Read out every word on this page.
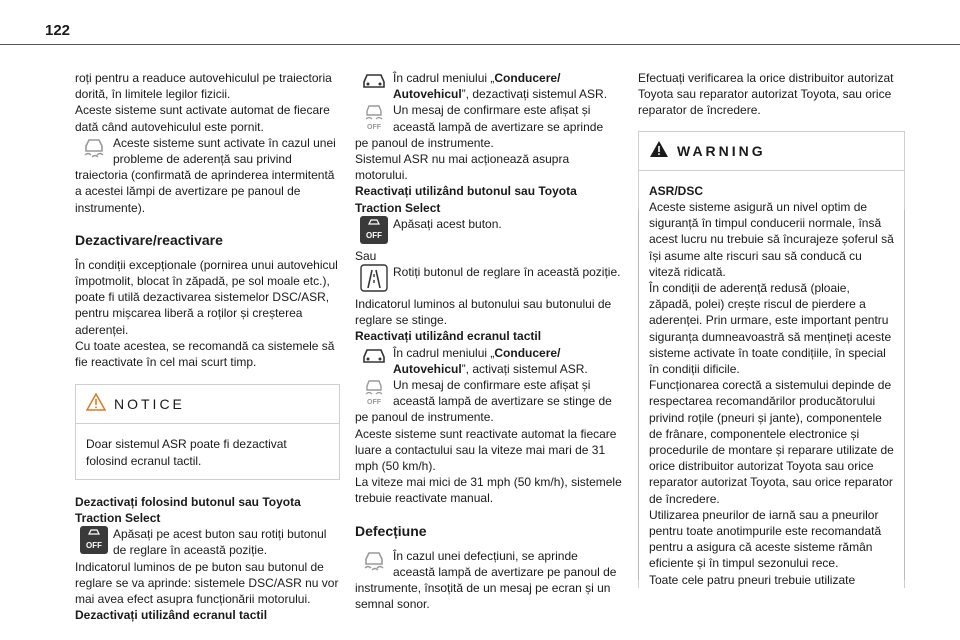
122

roți pentru a readuce autovehiculul pe traiectoria dorită, în limitele legilor fizicii.

Aceste sisteme sunt activate automat de fiecare dată când autovehiculul este pornit.

Aceste sisteme sunt activate în cazul unei probleme de aderență sau privind

traiectoria (confirmată de aprinderea intermitentă a acestei lămpi de avertizare pe panoul de instrumente).

Dezactivare/reactivare

În condiții excepționale (pornirea unui autovehicul împotmolit, blocat în zăpadă, pe sol moale etc.), poate fi utilă dezactivarea sistemelor DSC/ASR, pentru mișcarea liberă a roților și creșterea aderenței.

Cu toate acestea, se recomandă ca sistemele să fie reactivate în cel mai scurt timp.

NOTICE
Doar sistemul ASR poate fi dezactivat folosind ecranul tactil.

Dezactivați folosind butonul sau Toyota Traction Select

OFF
Apăsați pe acest buton sau rotiți butonul de reglare în această poziție.

Indicatorul luminos de pe buton sau butonul de reglare se va aprinde: sistemele DSC/ASR nu vor mai avea efect asupra funcționării motorului.

Dezactivați utilizând ecranul tactil

În cadrul meniului „Conducere/ Autovehicul”, dezactivați sistemul ASR.
OFF
Un mesaj de confirmare este afișat și această lampă de avertizare se aprinde

pe panoul de instrumente.

Sistemul ASR nu mai acționează asupra motorului.

Reactivați utilizând butonul sau Toyota Traction Select

OFF
Apăsați acest buton.

Sau

Rotiți butonul de reglare în această poziție.

Indicatorul luminos al butonului sau butonului de reglare se stinge.

Reactivați utilizând ecranul tactil

În cadrul meniului „Conducere/ Autovehicul”, activați sistemul ASR.
OFF
Un mesaj de confirmare este afișat și această lampă de avertizare se stinge de

pe panoul de instrumente.

Aceste sisteme sunt reactivate automat la fiecare luare a contactului sau la viteze mai mari de 31 mph (50 km/h).

La viteze mai mici de 31 mph (50 km/h), sistemele trebuie reactivate manual.

Defecțiune
În cazul unei defecțiuni, se aprinde această lampă de avertizare pe panoul de

instrumente, însoțită de un mesaj pe ecran și un semnal sonor.

Efectuați verificarea la orice distribuitor autorizat Toyota sau reparator autorizat Toyota, sau orice reparator de încredere.

WARNING

ASR/DSC

Aceste sisteme asigură un nivel optim de siguranță în timpul conducerii normale, însă acest lucru nu trebuie să încurajeze șoferul să își asume alte riscuri sau să conducă cu viteză ridicată.

În condiții de aderență redusă (ploaie, zăpadă, polei) crește riscul de pierdere a aderenței. Prin urmare, este important pentru siguranța dumneavoastră să mențineți aceste sisteme activate în toate condițiile, în special în condiții dificile.

Funcționarea corectă a sistemului depinde de respectarea recomandărilor producătorului privind roțile (pneuri și jante), componentele de frânare, componentele electronice și procedurile de montare și reparare utilizate de orice distribuitor autorizat Toyota sau orice reparator autorizat Toyota, sau orice reparator de încredere.

Utilizarea pneurilor de iarnă sau a pneurilor pentru toate anotimpurile este recomandată pentru a asigura că aceste sisteme rămân eficiente și în timpul sezonului rece.

Toate cele patru pneuri trebuie utilizate
